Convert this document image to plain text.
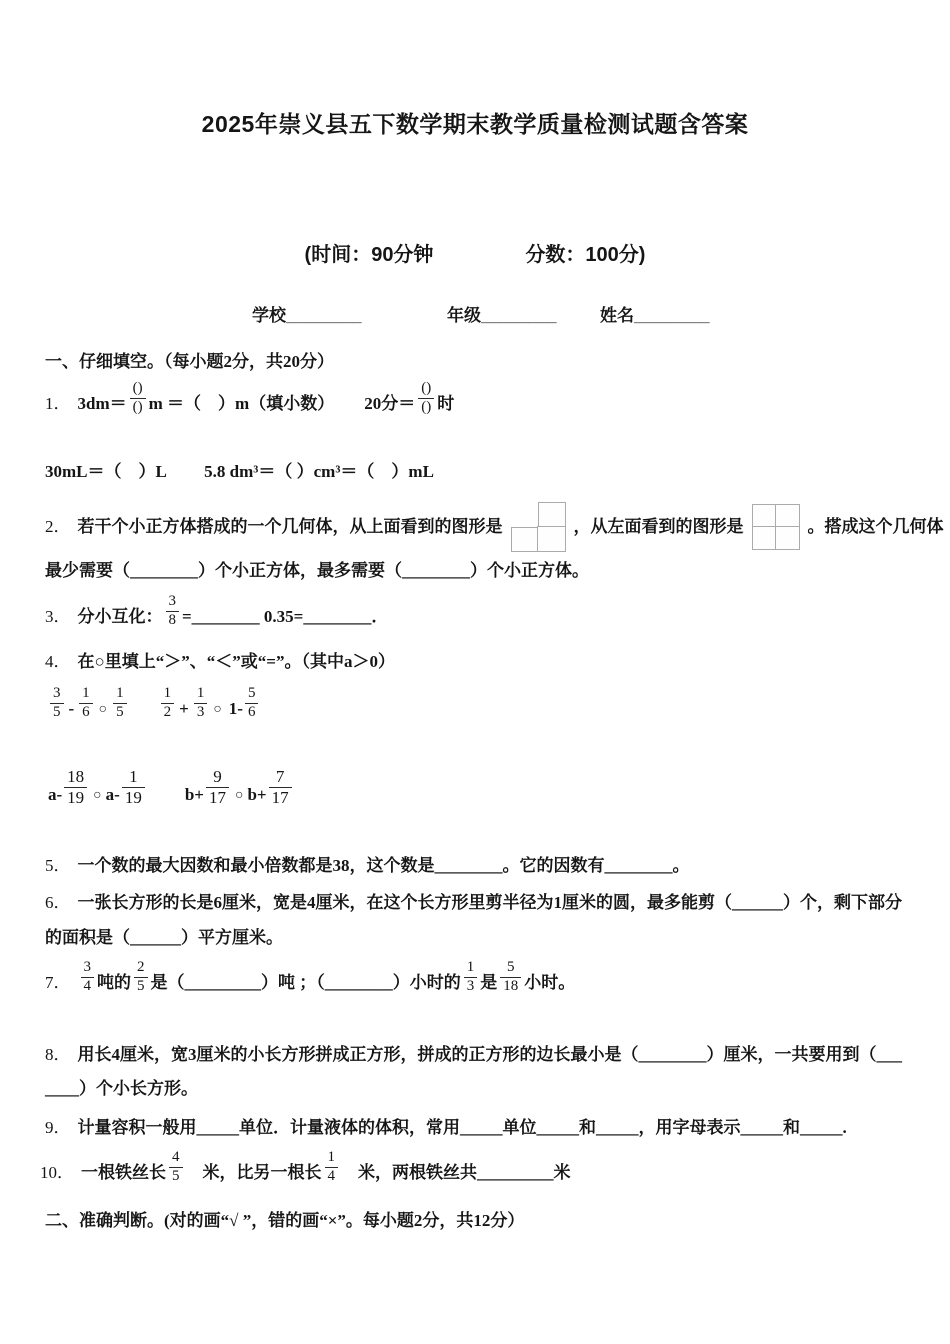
2025年崇义县五下数学期末教学质量检测试题含答案
(时间：90分钟	分数：100分)
学校________	年级________	姓名________
一、仔细填空。（每小题2分，共20分）
1． $3dm= \frac{()}{()}$ m ＝（　）m（填小数） 20分＝ $\frac{()}{()}$ 时
30mL＝（　）L　　 5.8 dm³＝（ ）cm³＝（　）mL
2． 若干个小正方体搭成的一个几何体，从上面看到的图形是	，从左面看到的图形是	。搭成这个几何体
最少需要（________）个小正方体，最多需要（________）个小正方体。
3． 分小互化： $\frac{3}{8}$ =________ 0.35=________．
4． 在○里填上“＞”、“＜”或“=”。（其中a＞0）
$\frac{3}{5} - \frac{1}{6}$ ○ $\frac{1}{5} \frac{1}{2} + \frac{1}{3}$ ○ $1- \frac{5}{6}$
$a- \frac{18}{19}$ ○ $a- \frac{1}{19} b+ \frac{9}{17}$ ○ $b+ \frac{7}{17}$
5． 一个数的最大因数和最小倍数都是38，这个数是________。它的因数有________。
6． 一张长方形的长是6厘米，宽是4厘米，在这个长方形里剪半径为1厘米的圆，最多能剪（______）个，剩下部分
的面积是（______）平方厘米。
7． $\frac{3}{4}$ 吨的 $\frac{2}{5}$ 是（_________）吨 ；（________）小时的 $\frac{1}{3}$ 是 $\frac{5}{18}$ 小时。
8． 用长4厘米，宽3厘米的小长方形拼成正方形，拼成的正方形的边长最小是（________）厘米，一共要用到（___
____）个小长方形。
9． 计量容积一般用_____单位．计量液体的体积，常用_____单位_____和_____，用字母表示_____和_____.
10． 一根铁丝长 $\frac{4}{5}$ 　米，比另一根长 $\frac{1}{4}$ 　米，两根铁丝共_________米
二、准确判断。(对的画“√ ”，错的画“×”。每小题2分，共12分）
